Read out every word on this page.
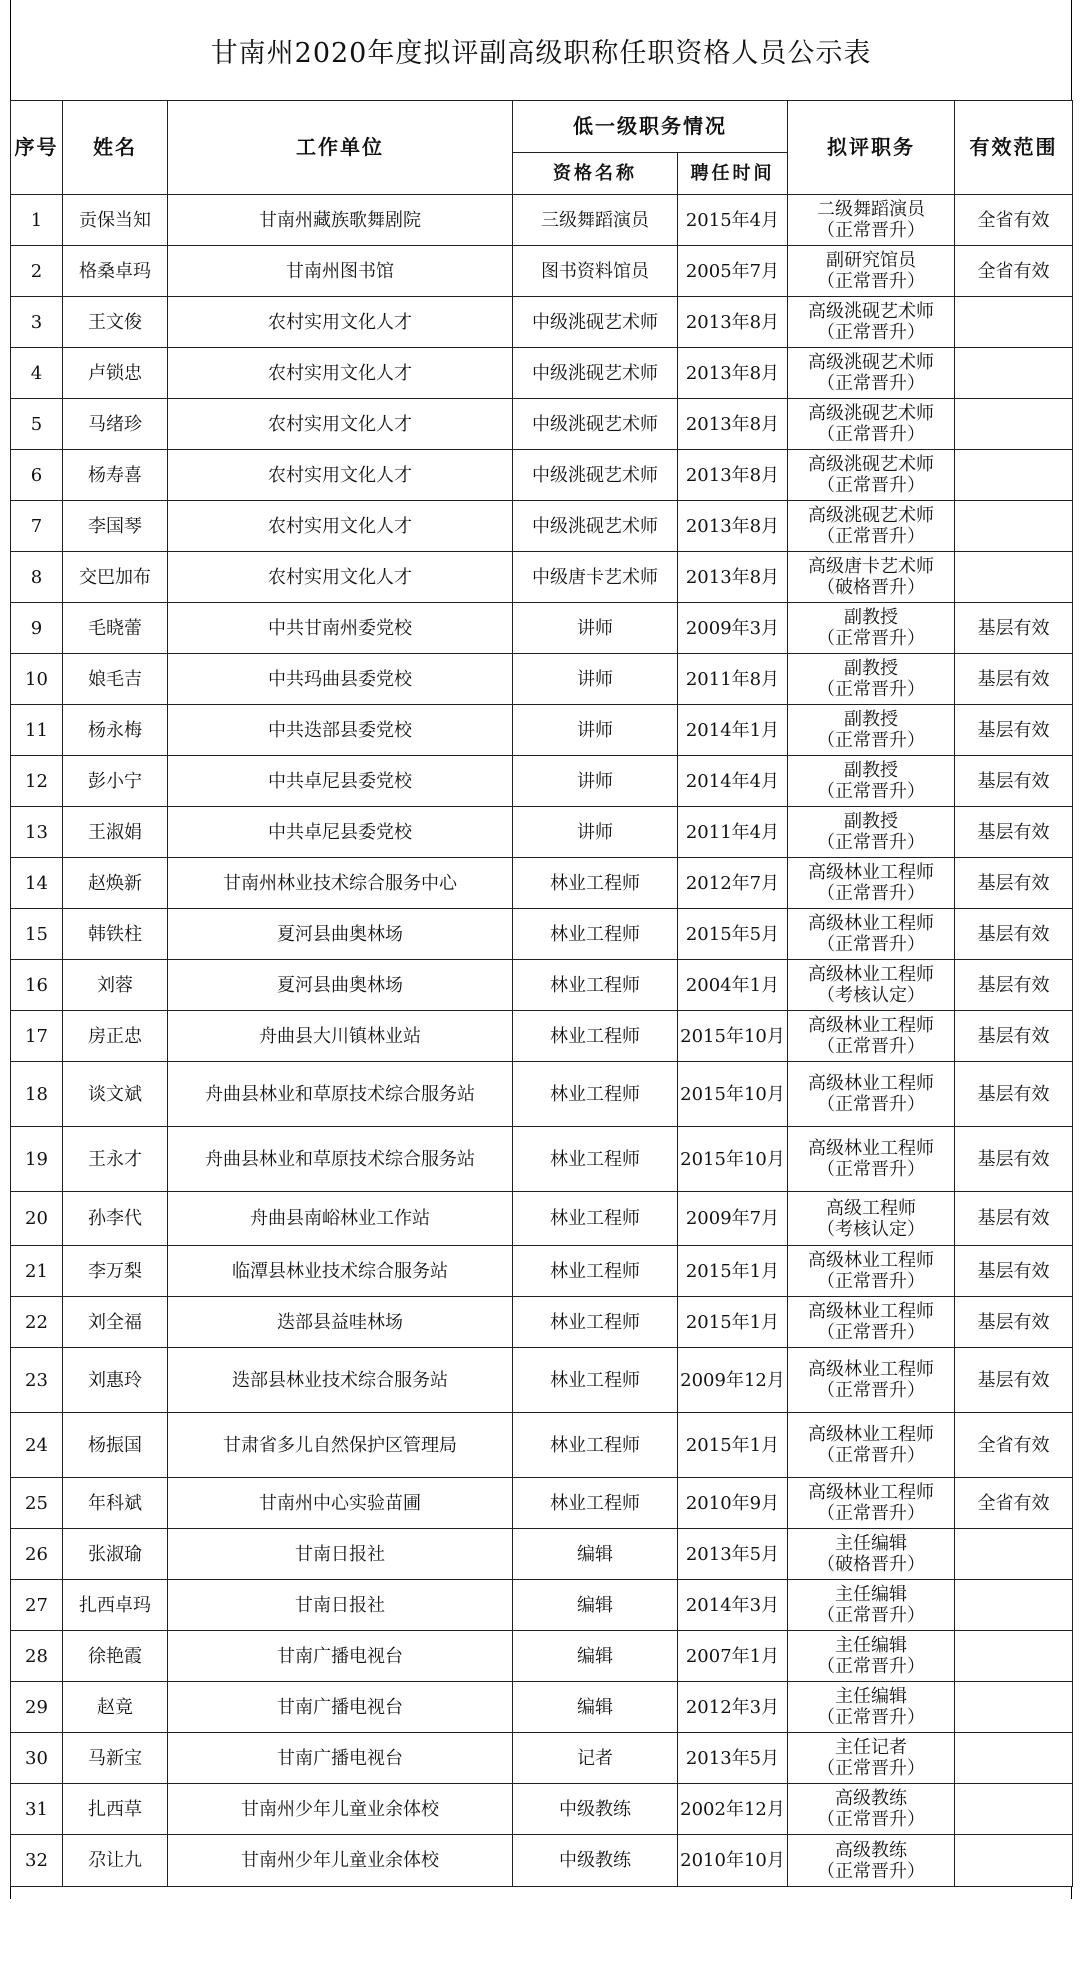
甘南州2020年度拟评副高级职称任职资格人员公示表
序号	姓名	工作单位	低一级职务情况		拟评职务	有效范围
			资格名称	聘任时间		
1	贡保当知	甘南州藏族歌舞剧院	三级舞蹈演员	2015年4月	二级舞蹈演员
（正常晋升）	全省有效
2	格桑卓玛	甘南州图书馆	图书资料馆员	2005年7月	副研究馆员
（正常晋升）	全省有效
3	王文俊	农村实用文化人才	中级洮砚艺术师	2013年8月	高级洮砚艺术师
（正常晋升）	

4	卢锁忠	农村实用文化人才	中级洮砚艺术师	2013年8月	高级洮砚艺术师
（正常晋升）	

5	马绪珍	农村实用文化人才	中级洮砚艺术师	2013年8月	高级洮砚艺术师
（正常晋升）	

6	杨寿喜	农村实用文化人才	中级洮砚艺术师	2013年8月	高级洮砚艺术师
（正常晋升）	

7	李国琴	农村实用文化人才	中级洮砚艺术师	2013年8月	高级洮砚艺术师
（正常晋升）	

8	交巴加布	农村实用文化人才	中级唐卡艺术师	2013年8月	高级唐卡艺术师
（破格晋升）	

9	毛晓蕾	中共甘南州委党校	讲师	2009年3月	副教授
（正常晋升）	基层有效
10	娘毛吉	中共玛曲县委党校	讲师	2011年8月	副教授
（正常晋升）	基层有效
11	杨永梅	中共迭部县委党校	讲师	2014年1月	副教授
（正常晋升）	基层有效
12	彭小宁	中共卓尼县委党校	讲师	2014年4月	副教授
（正常晋升）	基层有效
13	王淑娟	中共卓尼县委党校	讲师	2011年4月	副教授
（正常晋升）	基层有效
14	赵焕新	甘南州林业技术综合服务中心	林业工程师	2012年7月	高级林业工程师
（正常晋升）	基层有效
15	韩铁柱	夏河县曲奥林场	林业工程师	2015年5月	高级林业工程师
（正常晋升）	基层有效
16	刘蓉	夏河县曲奥林场	林业工程师	2004年1月	高级林业工程师
（考核认定）	基层有效
17	房正忠	舟曲县大川镇林业站	林业工程师	2015年10月	高级林业工程师
（正常晋升）	基层有效
18	谈文斌	舟曲县林业和草原技术综合服务站	林业工程师	2015年10月	高级林业工程师
（正常晋升）	基层有效
19	王永才	舟曲县林业和草原技术综合服务站	林业工程师	2015年10月	高级林业工程师
（正常晋升）	基层有效
20	孙李代	舟曲县南峪林业工作站	林业工程师	2009年7月	高级工程师
（考核认定）	基层有效
21	李万梨	临潭县林业技术综合服务站	林业工程师	2015年1月	高级林业工程师
（正常晋升）	基层有效
22	刘全福	迭部县益哇林场	林业工程师	2015年1月	高级林业工程师
（正常晋升）	基层有效
23	刘惠玲	迭部县林业技术综合服务站	林业工程师	2009年12月	高级林业工程师
（正常晋升）	基层有效
24	杨振国	甘肃省多儿自然保护区管理局	林业工程师	2015年1月	高级林业工程师
（正常晋升）	全省有效
25	年科斌	甘南州中心实验苗圃	林业工程师	2010年9月	高级林业工程师
（正常晋升）	全省有效
26	张淑瑜	甘南日报社	编辑	2013年5月	主任编辑
（破格晋升）	

27	扎西卓玛	甘南日报社	编辑	2014年3月	主任编辑
（正常晋升）	

28	徐艳霞	甘南广播电视台	编辑	2007年1月	主任编辑
（正常晋升）	

29	赵竟	甘南广播电视台	编辑	2012年3月	主任编辑
（正常晋升）	

30	马新宝	甘南广播电视台	记者	2013年5月	主任记者
（正常晋升）	

31	扎西草	甘南州少年儿童业余体校	中级教练	2002年12月	高级教练
（正常晋升）	

32	尕让九	甘南州少年儿童业余体校	中级教练	2010年10月	高级教练
（正常晋升）	
